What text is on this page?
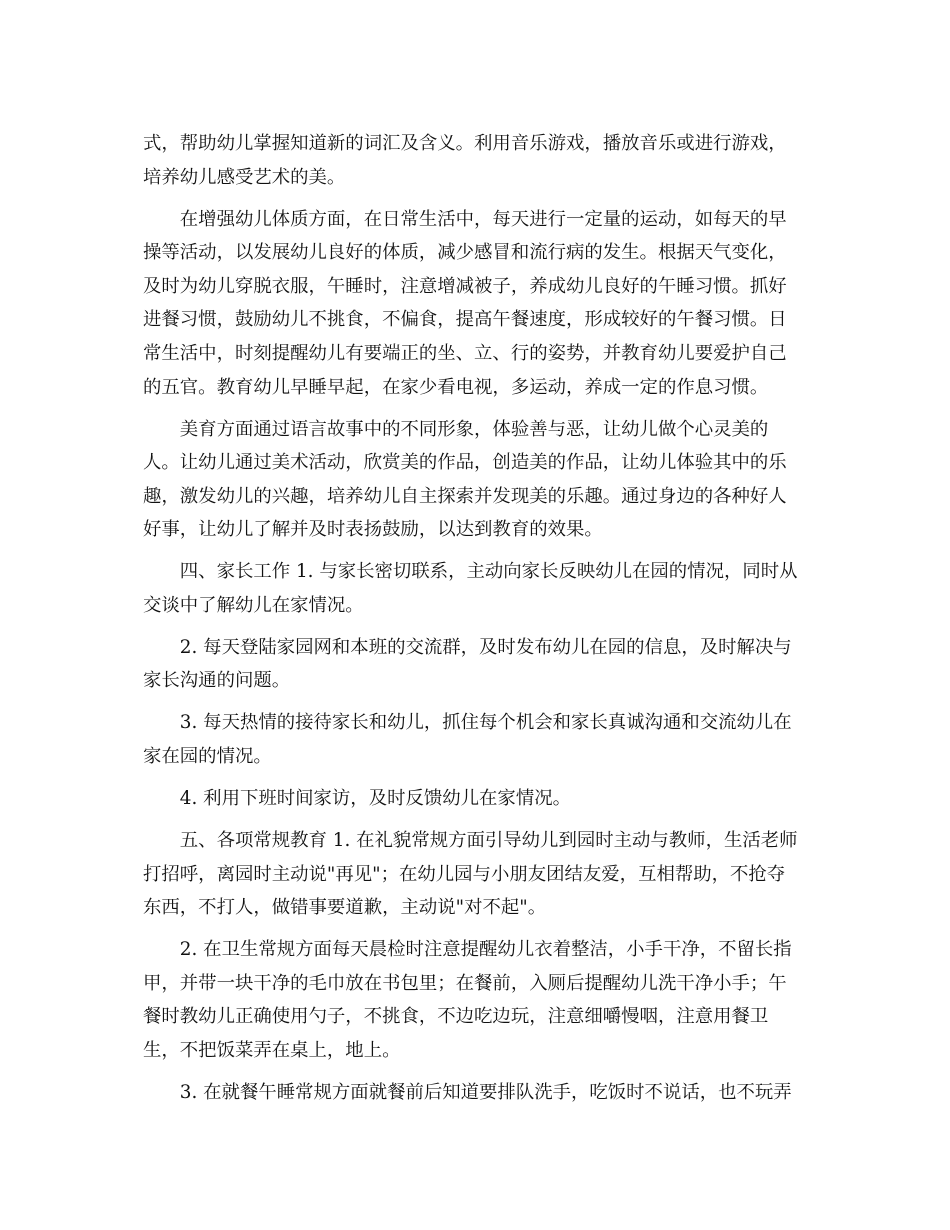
式，帮助幼儿掌握知道新的词汇及含义。利用音乐游戏，播放音乐或进行游戏，
培养幼儿感受艺术的美。
　　在增强幼儿体质方面，在日常生活中，每天进行一定量的运动，如每天的早
操等活动，以发展幼儿良好的体质，减少感冒和流行病的发生。根据天气变化，
及时为幼儿穿脱衣服，午睡时，注意增减被子，养成幼儿良好的午睡习惯。抓好
进餐习惯，鼓励幼儿不挑食，不偏食，提高午餐速度，形成较好的午餐习惯。日
常生活中，时刻提醒幼儿有要端正的坐、立、行的姿势，并教育幼儿要爱护自己
的五官。教育幼儿早睡早起，在家少看电视，多运动，养成一定的作息习惯。
　　美育方面通过语言故事中的不同形象，体验善与恶，让幼儿做个心灵美的
人。让幼儿通过美术活动，欣赏美的作品，创造美的作品，让幼儿体验其中的乐
趣，激发幼儿的兴趣，培养幼儿自主探索并发现美的乐趣。通过身边的各种好人
好事，让幼儿了解并及时表扬鼓励，以达到教育的效果。
　　四、家长工作 1. 与家长密切联系，主动向家长反映幼儿在园的情况，同时从
交谈中了解幼儿在家情况。
　　2. 每天登陆家园网和本班的交流群，及时发布幼儿在园的信息，及时解决与
家长沟通的问题。
　　3. 每天热情的接待家长和幼儿，抓住每个机会和家长真诚沟通和交流幼儿在
家在园的情况。
　　4. 利用下班时间家访，及时反馈幼儿在家情况。
　　五、各项常规教育 1. 在礼貌常规方面引导幼儿到园时主动与教师，生活老师
打招呼，离园时主动说"再见"；在幼儿园与小朋友团结友爱，互相帮助，不抢夺
东西，不打人，做错事要道歉，主动说"对不起"。
　　2. 在卫生常规方面每天晨检时注意提醒幼儿衣着整洁，小手干净，不留长指
甲，并带一块干净的毛巾放在书包里；在餐前，入厕后提醒幼儿洗干净小手；午
餐时教幼儿正确使用勺子，不挑食，不边吃边玩，注意细嚼慢咽，注意用餐卫
生，不把饭菜弄在桌上，地上。
　　3. 在就餐午睡常规方面就餐前后知道要排队洗手，吃饭时不说话，也不玩弄
